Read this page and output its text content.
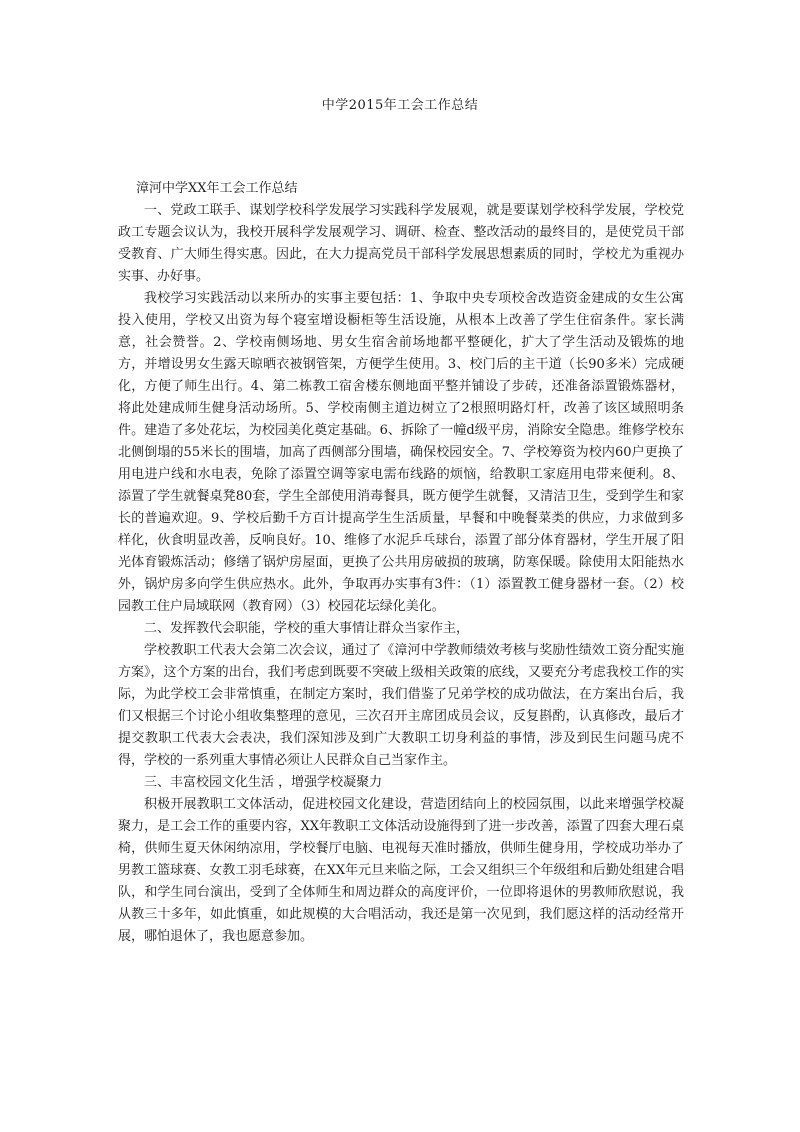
中学2015年工会工作总结

漳河中学XX年工会工作总结

一、党政工联手、谋划学校科学发展学习实践科学发展观，就是要谋划学校科学发展，学校党政工专题会议认为，我校开展科学发展观学习、调研、检查、整改活动的最终目的，是使党员干部受教育、广大师生得实惠。因此，在大力提高党员干部科学发展思想素质的同时，学校尤为重视办实事、办好事。

我校学习实践活动以来所办的实事主要包括：1、争取中央专项校舍改造资金建成的女生公寓投入使用，学校又出资为每个寝室增设橱柜等生活设施，从根本上改善了学生住宿条件。家长满意，社会赞誉。2、学校南侧场地、男女生宿舍前场地都平整硬化，扩大了学生活动及锻炼的地方，并增设男女生露天晾晒衣被钢管架，方便学生使用。3、校门后的主干道（长90多米）完成硬化，方便了师生出行。4、第二栋教工宿舍楼东侧地面平整并铺设了步砖，还准备添置锻炼器材，将此处建成师生健身活动场所。5、学校南侧主道边树立了2根照明路灯杆，改善了该区域照明条件。建造了多处花坛，为校园美化奠定基础。6、拆除了一幢d级平房，消除安全隐患。维修学校东北侧倒塌的55米长的围墙，加高了西侧部分围墙，确保校园安全。7、学校筹资为校内60户更换了用电进户线和水电表，免除了添置空调等家电需布线路的烦恼，给教职工家庭用电带来便利。8、添置了学生就餐桌凳80套，学生全部使用消毒餐具，既方便学生就餐，又清洁卫生，受到学生和家长的普遍欢迎。9、学校后勤千方百计提高学生生活质量，早餐和中晚餐菜类的供应，力求做到多样化，伙食明显改善，反响良好。10、维修了水泥乒乓球台，添置了部分体育器材，学生开展了阳光体育锻炼活动；修缮了锅炉房屋面，更换了公共用房破损的玻璃，防寒保暖。除使用太阳能热水外，锅炉房多向学生供应热水。此外，争取再办实事有3件：（1）添置教工健身器材一套。（2）校园教工住户局域联网（教育网）（3）校园花坛绿化美化。

二、发挥教代会职能，学校的重大事情让群众当家作主，

学校教职工代表大会第二次会议，通过了《漳河中学教师绩效考核与奖励性绩效工资分配实施方案》，这个方案的出台，我们考虑到既要不突破上级相关政策的底线，又要充分考虑我校工作的实际，为此学校工会非常慎重，在制定方案时，我们借鉴了兄弟学校的成功做法，在方案出台后，我们又根据三个讨论小组收集整理的意见，三次召开主席团成员会议，反复斟酌，认真修改，最后才提交教职工代表大会表决，我们深知涉及到广大教职工切身利益的事情，涉及到民生问题马虎不得，学校的一系列重大事情必须让人民群众自己当家作主。

三、丰富校园文化生活 ，增强学校凝聚力

积极开展教职工文体活动，促进校园文化建设，营造团结向上的校园氛围，以此来增强学校凝聚力，是工会工作的重要内容，XX年教职工文体活动设施得到了进一步改善，添置了四套大理石桌椅，供师生夏天休闲纳凉用，学校餐厅电脑、电视每天准时播放，供师生健身用，学校成功举办了男教工篮球赛、女教工羽毛球赛，在XX年元旦来临之际，工会又组织三个年级组和后勤处组建合唱队，和学生同台演出，受到了全体师生和周边群众的高度评价，一位即将退休的男教师欣慰说，我从教三十多年，如此慎重，如此规模的大合唱活动，我还是第一次见到，我们愿这样的活动经常开展，哪怕退休了，我也愿意参加。
